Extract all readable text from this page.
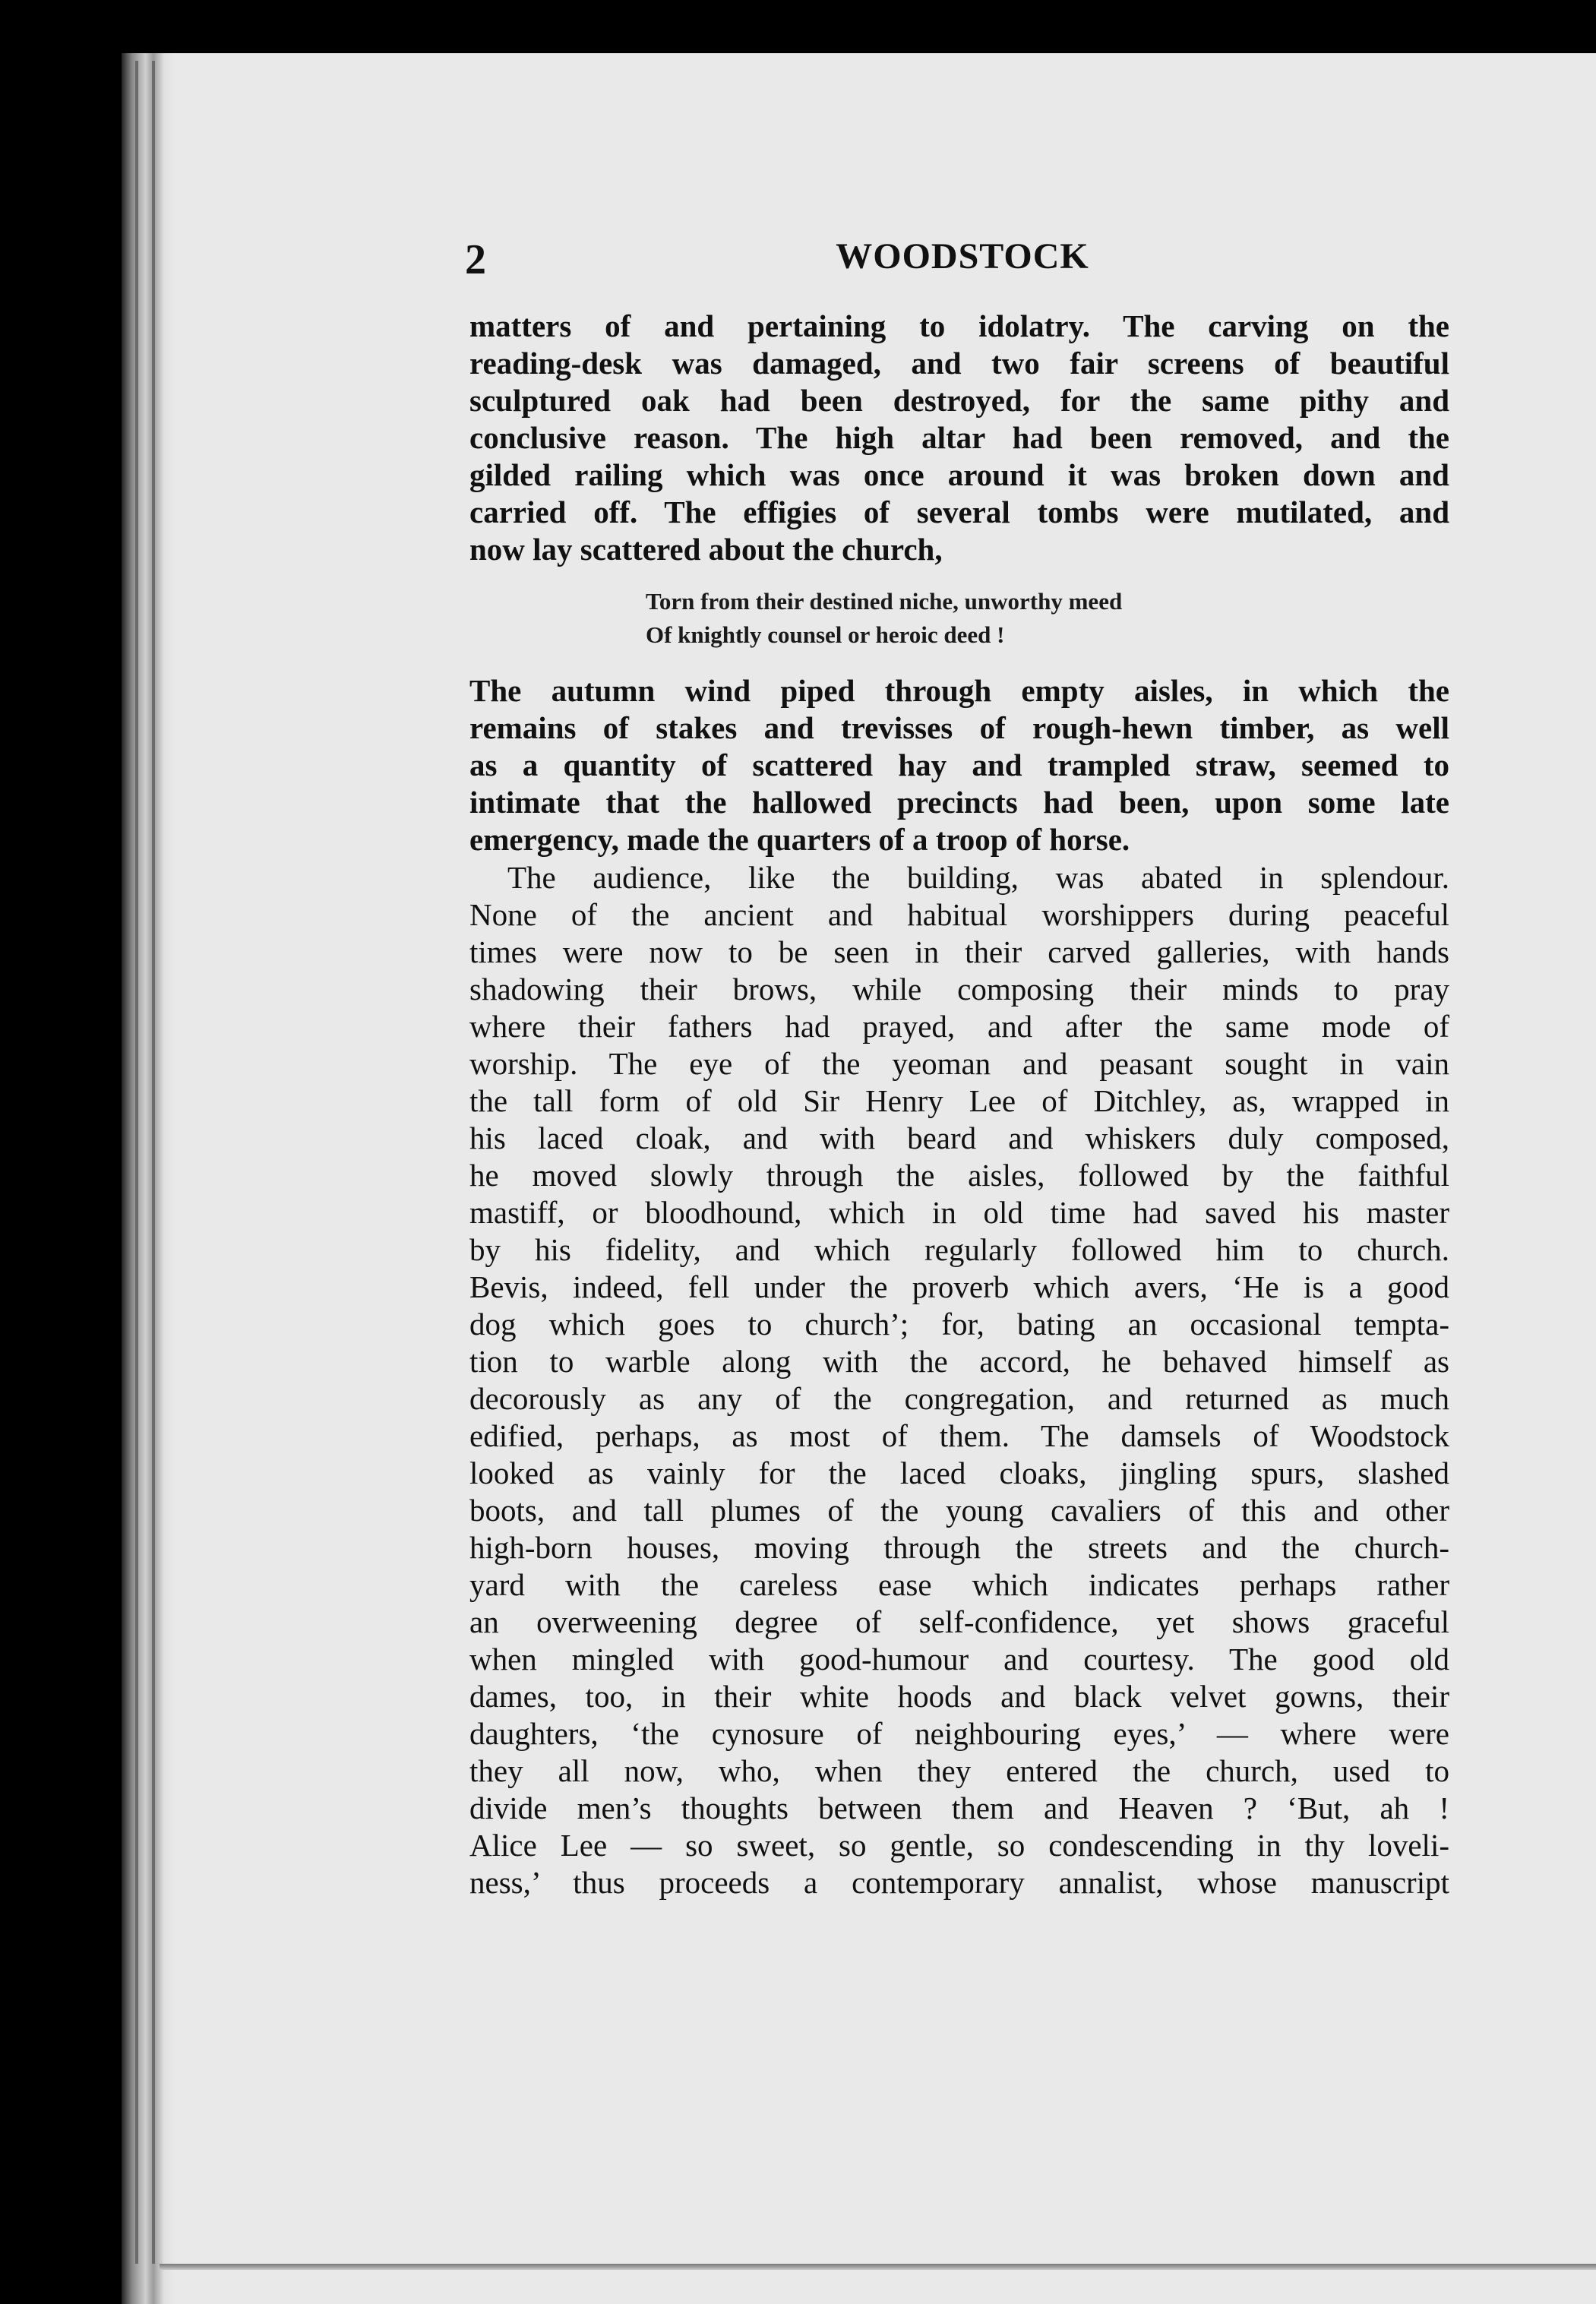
2	WOODSTOCK
matters of and pertaining to idolatry. The carving on the
reading-desk was damaged, and two fair screens of beautiful
sculptured oak had been destroyed, for the same pithy and
conclusive reason. The high altar had been removed, and the
gilded railing which was once around it was broken down and
carried off. The effigies of several tombs were mutilated, and
now lay scattered about the church,
Torn from their destined niche, unworthy meed
Of knightly counsel or heroic deed !
The autumn wind piped through empty aisles, in which the
remains of stakes and trevisses of rough-hewn timber, as well
as a quantity of scattered hay and trampled straw, seemed to
intimate that the hallowed precincts had been, upon some late
emergency, made the quarters of a troop of horse.
The audience, like the building, was abated in splendour.
None of the ancient and habitual worshippers during peaceful
times were now to be seen in their carved galleries, with hands
shadowing their brows, while composing their minds to pray
where their fathers had prayed, and after the same mode of
worship. The eye of the yeoman and peasant sought in vain
the tall form of old Sir Henry Lee of Ditchley, as, wrapped in
his laced cloak, and with beard and whiskers duly composed,
he moved slowly through the aisles, followed by the faithful
mastiff, or bloodhound, which in old time had saved his master
by his fidelity, and which regularly followed him to church.
Bevis, indeed, fell under the proverb which avers, ‘He is a good
dog which goes to church’; for, bating an occasional tempta-
tion to warble along with the accord, he behaved himself as
decorously as any of the congregation, and returned as much
edified, perhaps, as most of them. The damsels of Woodstock
looked as vainly for the laced cloaks, jingling spurs, slashed
boots, and tall plumes of the young cavaliers of this and other
high-born houses, moving through the streets and the church-
yard with the careless ease which indicates perhaps rather
an overweening degree of self-confidence, yet shows graceful
when mingled with good-humour and courtesy. The good old
dames, too, in their white hoods and black velvet gowns, their
daughters, ‘the cynosure of neighbouring eyes,’ — where were
they all now, who, when they entered the church, used to
divide men’s thoughts between them and Heaven ? ‘But, ah !
Alice Lee — so sweet, so gentle, so condescending in thy loveli-
ness,’ thus proceeds a contemporary annalist, whose manuscript
